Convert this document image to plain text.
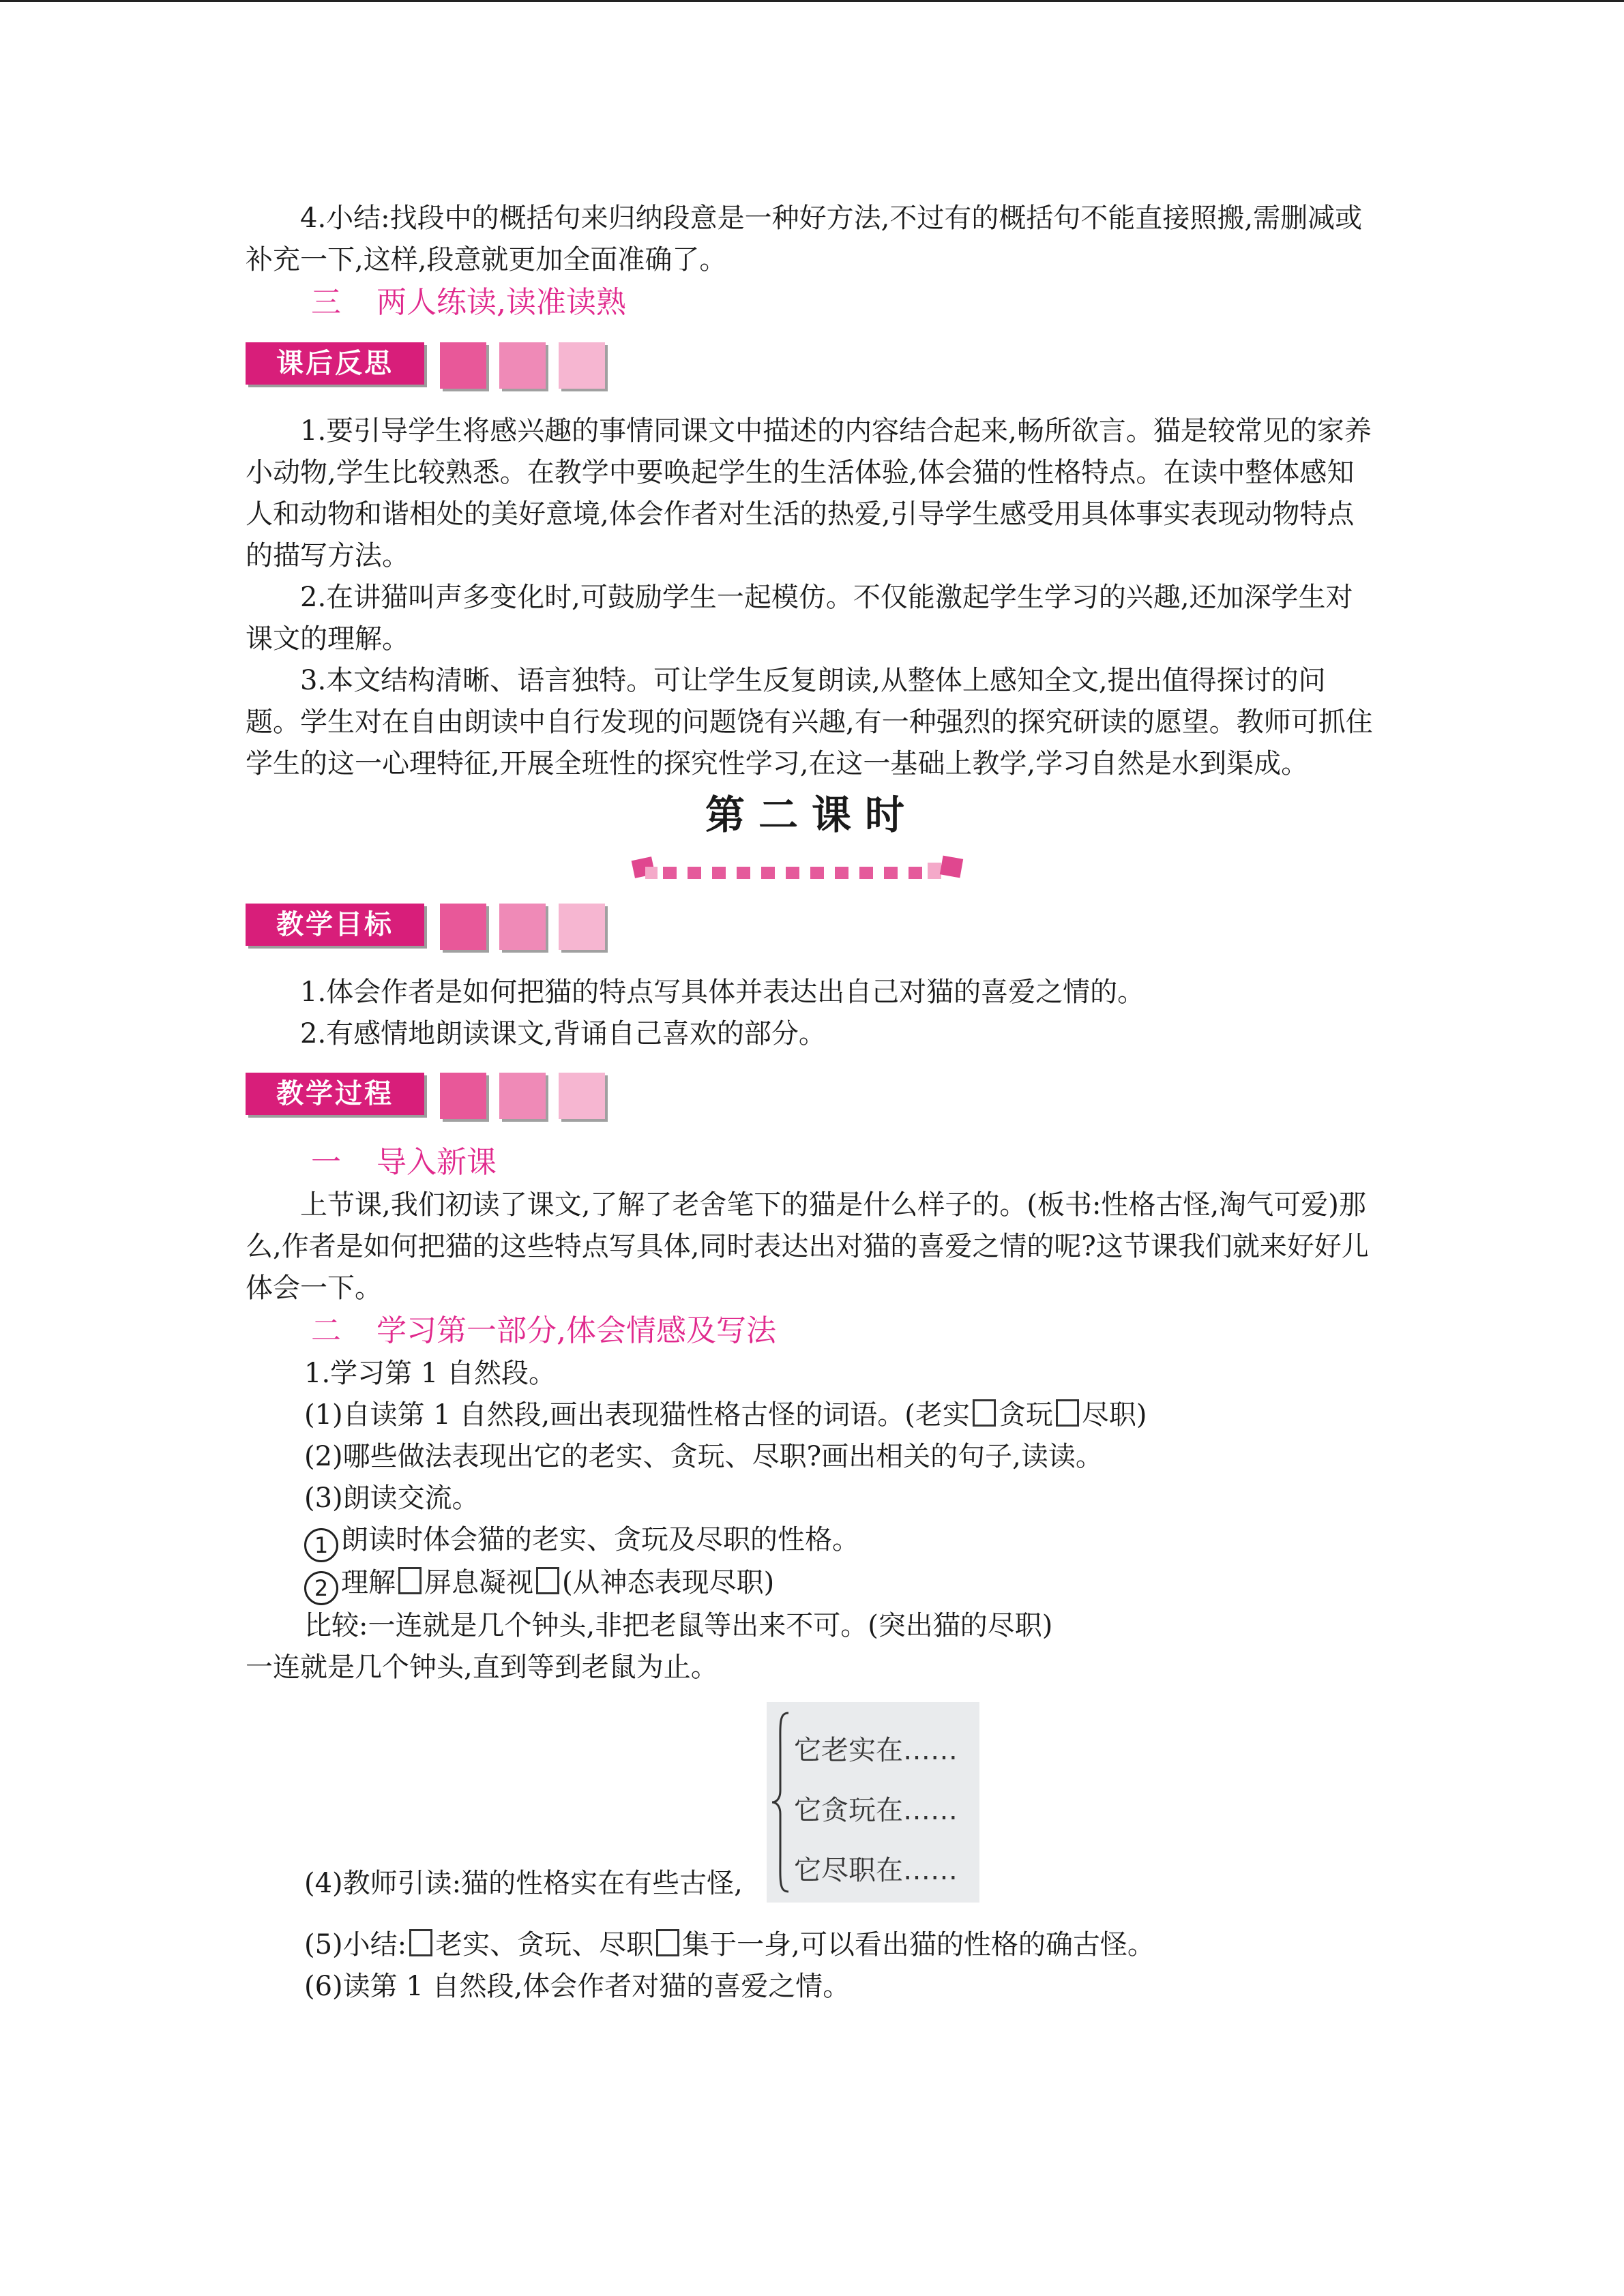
4.小结:找段中的概括句来归纳段意是一种好方法,不过有的概括句不能直接照搬,需删减或补充一下,这样,段意就更加全面准确了。

三 两人练读,读准读熟

课后反思

1.要引导学生将感兴趣的事情同课文中描述的内容结合起来,畅所欲言。猫是较常见的家养小动物,学生比较熟悉。在教学中要唤起学生的生活体验,体会猫的性格特点。在读中整体感知人和动物和谐相处的美好意境,体会作者对生活的热爱,引导学生感受用具体事实表现动物特点的描写方法。

2.在讲猫叫声多变化时,可鼓励学生一起模仿。不仅能激起学生学习的兴趣,还加深学生对课文的理解。

3.本文结构清晰、语言独特。可让学生反复朗读,从整体上感知全文,提出值得探讨的问题。学生对在自由朗读中自行发现的问题饶有兴趣,有一种强烈的探究研读的愿望。教师可抓住学生的这一心理特征,开展全班性的探究性学习,在这一基础上教学,学习自然是水到渠成。

第二课时
教学目标

1.体会作者是如何把猫的特点写具体并表达出自己对猫的喜爱之情的。

2.有感情地朗读课文,背诵自己喜欢的部分。

教学过程

一 导入新课

上节课,我们初读了课文,了解了老舍笔下的猫是什么样子的。(板书:性格古怪,淘气可爱)那么,作者是如何把猫的这些特点写具体,同时表达出对猫的喜爱之情的呢?这节课我们就来好好儿体会一下。

二 学习第一部分,体会情感及写法

1.学习第 1 自然段。

(1)自读第 1 自然段,画出表现猫性格古怪的词语。(老实 贪玩 尽职)

(2)哪些做法表现出它的老实、贪玩、尽职?画出相关的句子,读读。

(3)朗读交流。

1 朗读时体会猫的老实、贪玩及尽职的性格。

2 理解 屏息凝视 (从神态表现尽职)

比较:一连就是几个钟头,非把老鼠等出来不可。(突出猫的尽职)

一连就是几个钟头,直到等到老鼠为止。

它老实在……
它贪玩在……
它尽职在……
(4)教师引读:猫的性格实在有些古怪,

(5)小结: 老实、贪玩、尽职 集于一身,可以看出猫的性格的确古怪。

(6)读第 1 自然段,体会作者对猫的喜爱之情。
